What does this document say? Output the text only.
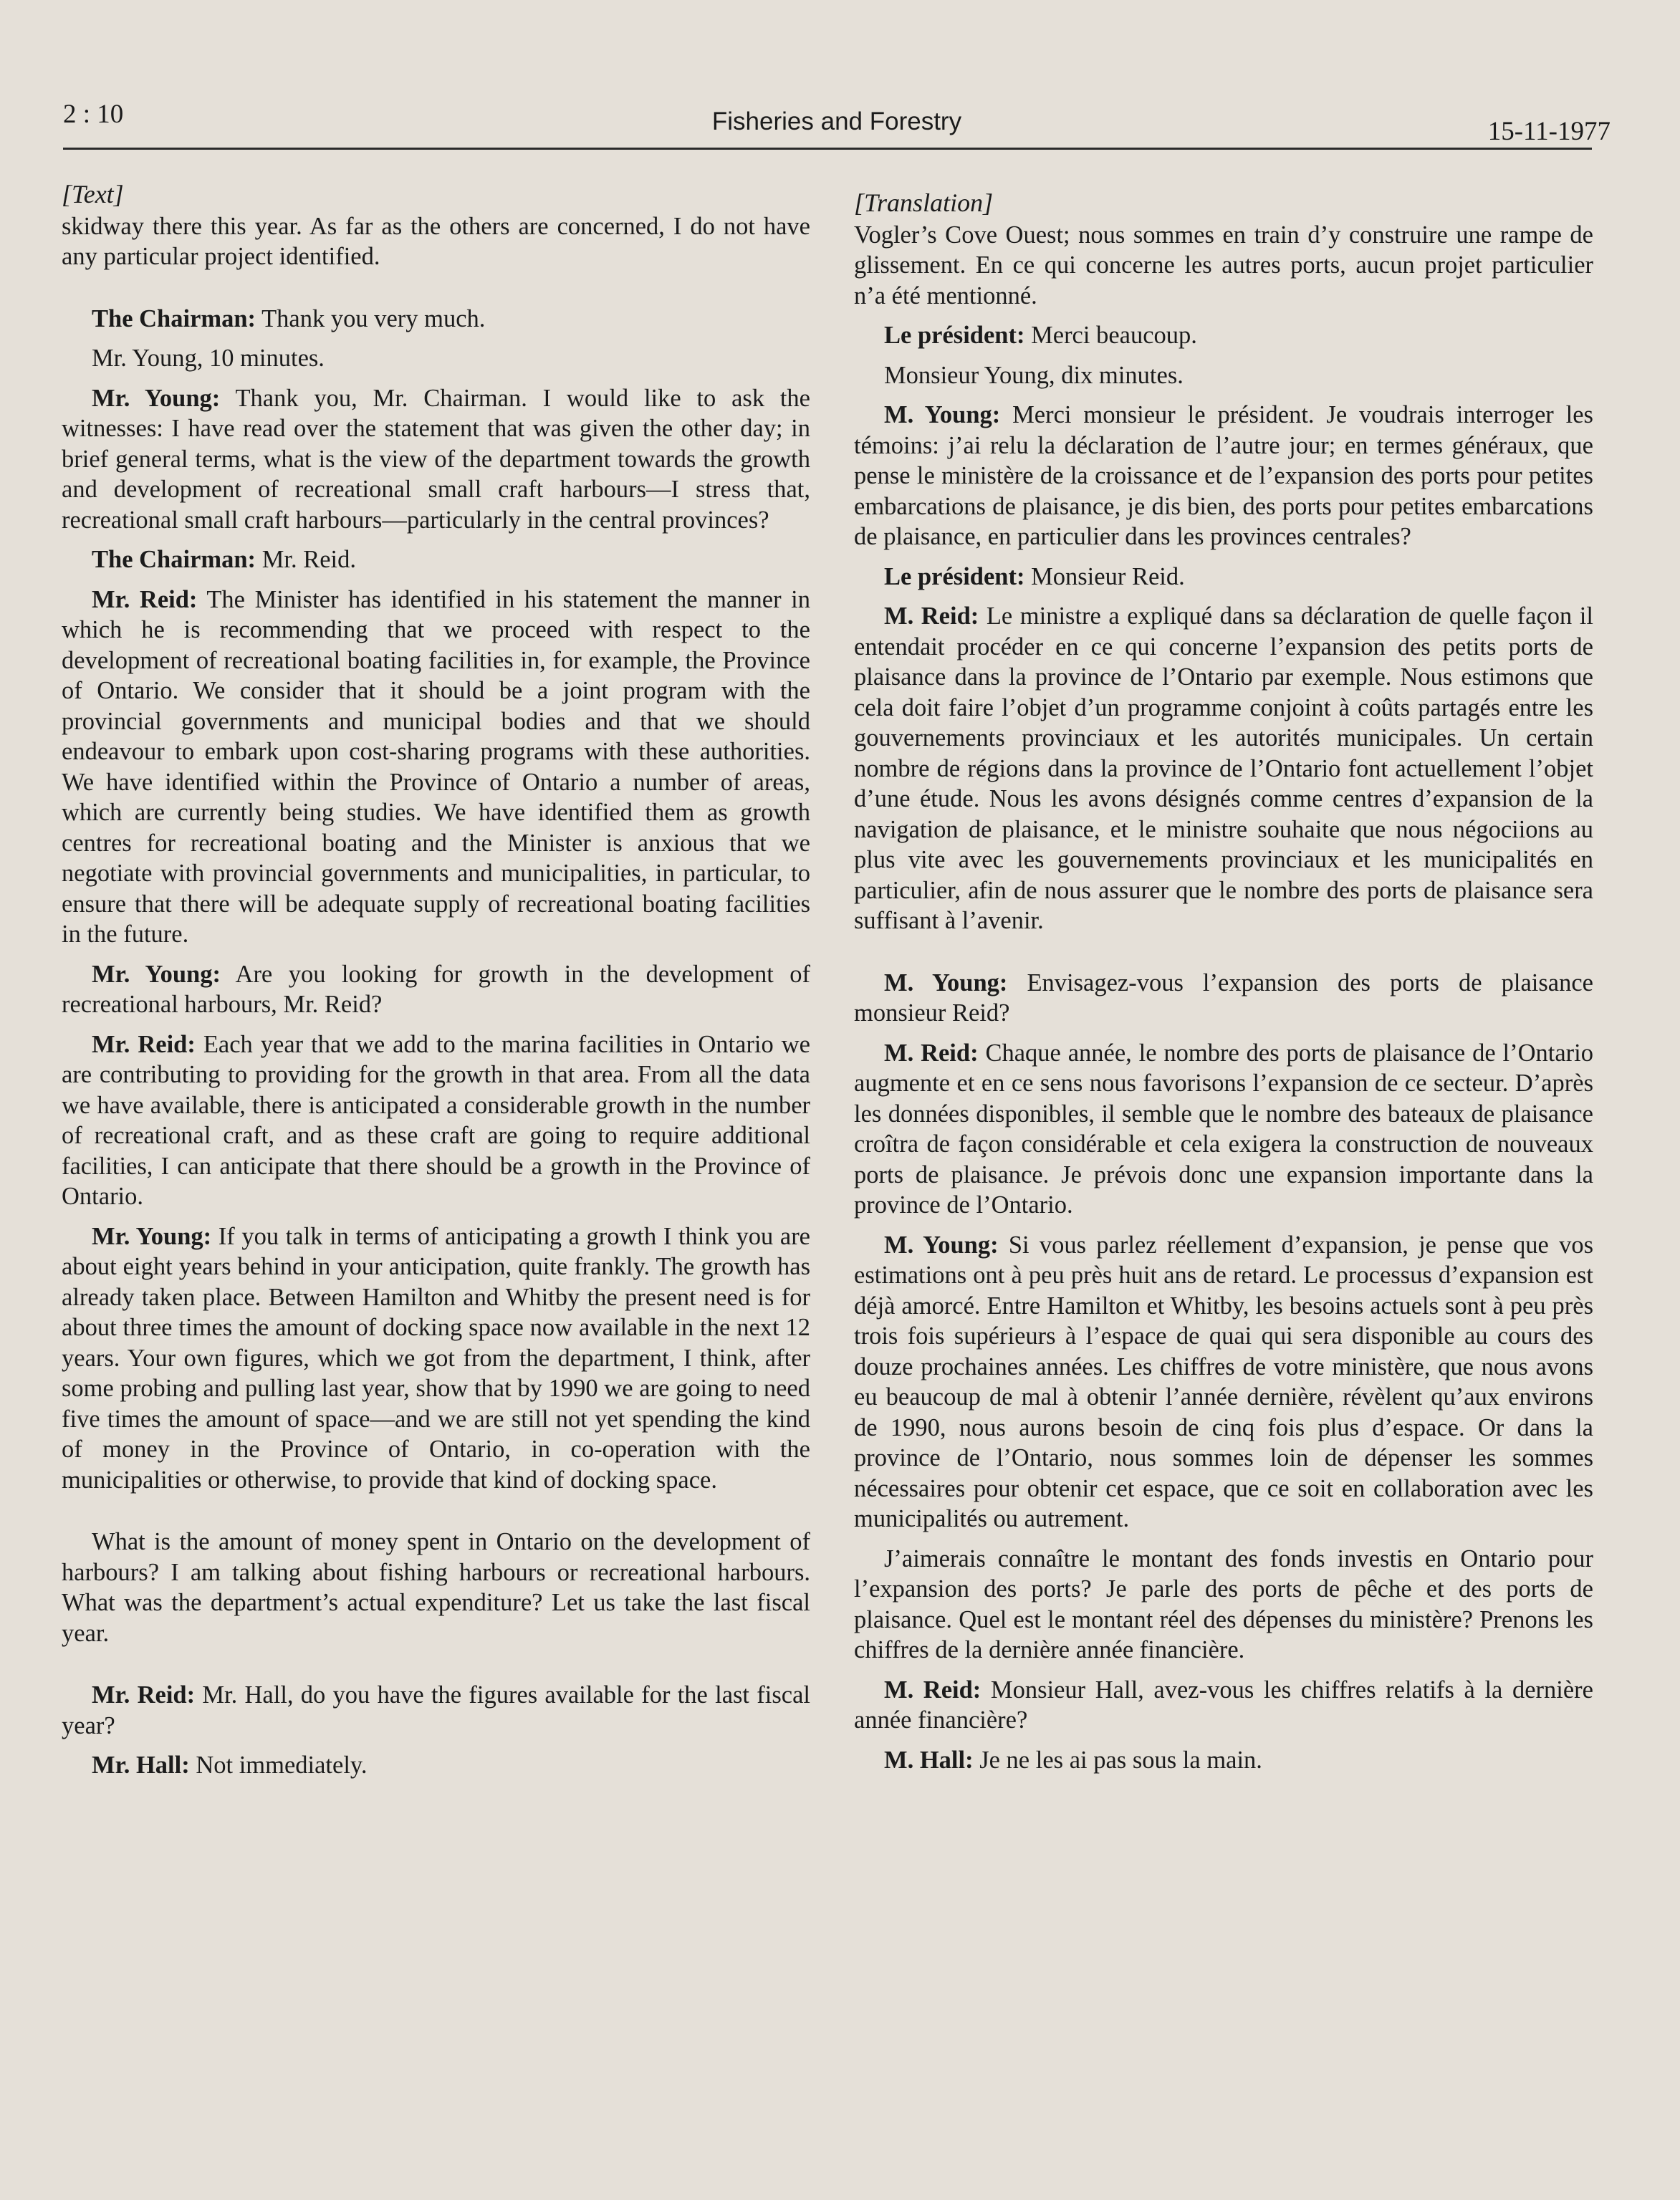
2 : 10	Fisheries and Forestry	15-11-1977

[Text]

skidway there this year. As far as the others are concerned, I do not have any particular project identified.

The Chairman: Thank you very much.

Mr. Young, 10 minutes.

Mr. Young: Thank you, Mr. Chairman. I would like to ask the witnesses: I have read over the statement that was given the other day; in brief general terms, what is the view of the department towards the growth and development of recreational small craft harbours—I stress that, recreational small craft harbours—particularly in the central provinces?

The Chairman: Mr. Reid.

Mr. Reid: The Minister has identified in his statement the manner in which he is recommending that we proceed with respect to the development of recreational boating facilities in, for example, the Province of Ontario. We consider that it should be a joint program with the provincial governments and municipal bodies and that we should endeavour to embark upon cost-sharing programs with these authorities. We have identified within the Province of Ontario a number of areas, which are currently being studies. We have identified them as growth centres for recreational boating and the Minister is anxious that we negotiate with provincial governments and municipalities, in particular, to ensure that there will be adequate supply of recreational boating facilities in the future.

Mr. Young: Are you looking for growth in the development of recreational harbours, Mr. Reid?

Mr. Reid: Each year that we add to the marina facilities in Ontario we are contributing to providing for the growth in that area. From all the data we have available, there is anticipated a considerable growth in the number of recreational craft, and as these craft are going to require additional facilities, I can anticipate that there should be a growth in the Province of Ontario.

Mr. Young: If you talk in terms of anticipating a growth I think you are about eight years behind in your anticipation, quite frankly. The growth has already taken place. Between Hamilton and Whitby the present need is for about three times the amount of docking space now available in the next 12 years. Your own figures, which we got from the department, I think, after some probing and pulling last year, show that by 1990 we are going to need five times the amount of space—and we are still not yet spending the kind of money in the Province of Ontario, in co-operation with the municipalities or otherwise, to provide that kind of docking space.

What is the amount of money spent in Ontario on the development of harbours? I am talking about fishing harbours or recreational harbours. What was the department’s actual expenditure? Let us take the last fiscal year.

Mr. Reid: Mr. Hall, do you have the figures available for the last fiscal year?

Mr. Hall: Not immediately.

[Translation]

Vogler’s Cove Ouest; nous sommes en train d’y construire une rampe de glissement. En ce qui concerne les autres ports, aucun projet particulier n’a été mentionné.

Le président: Merci beaucoup.

Monsieur Young, dix minutes.

M. Young: Merci monsieur le président. Je voudrais interroger les témoins: j’ai relu la déclaration de l’autre jour; en termes généraux, que pense le ministère de la croissance et de l’expansion des ports pour petites embarcations de plaisance, je dis bien, des ports pour petites embarcations de plaisance, en particulier dans les provinces centrales?

Le président: Monsieur Reid.

M. Reid: Le ministre a expliqué dans sa déclaration de quelle façon il entendait procéder en ce qui concerne l’expansion des petits ports de plaisance dans la province de l’Ontario par exemple. Nous estimons que cela doit faire l’objet d’un programme conjoint à coûts partagés entre les gouvernements provinciaux et les autorités municipales. Un certain nombre de régions dans la province de l’Ontario font actuellement l’objet d’une étude. Nous les avons désignés comme centres d’expansion de la navigation de plaisance, et le ministre souhaite que nous négociions au plus vite avec les gouvernements provinciaux et les municipalités en particulier, afin de nous assurer que le nombre des ports de plaisance sera suffisant à l’avenir.

M. Young: Envisagez-vous l’expansion des ports de plaisance monsieur Reid?

M. Reid: Chaque année, le nombre des ports de plaisance de l’Ontario augmente et en ce sens nous favorisons l’expansion de ce secteur. D’après les données disponibles, il semble que le nombre des bateaux de plaisance croîtra de façon considérable et cela exigera la construction de nouveaux ports de plaisance. Je prévois donc une expansion importante dans la province de l’Ontario.

M. Young: Si vous parlez réellement d’expansion, je pense que vos estimations ont à peu près huit ans de retard. Le processus d’expansion est déjà amorcé. Entre Hamilton et Whitby, les besoins actuels sont à peu près trois fois supérieurs à l’espace de quai qui sera disponible au cours des douze prochaines années. Les chiffres de votre ministère, que nous avons eu beaucoup de mal à obtenir l’année dernière, révèlent qu’aux environs de 1990, nous aurons besoin de cinq fois plus d’espace. Or dans la province de l’Ontario, nous sommes loin de dépenser les sommes nécessaires pour obtenir cet espace, que ce soit en collaboration avec les municipalités ou autrement.

J’aimerais connaître le montant des fonds investis en Ontario pour l’expansion des ports? Je parle des ports de pêche et des ports de plaisance. Quel est le montant réel des dépenses du ministère? Prenons les chiffres de la dernière année financière.

M. Reid: Monsieur Hall, avez-vous les chiffres relatifs à la dernière année financière?

M. Hall: Je ne les ai pas sous la main.
